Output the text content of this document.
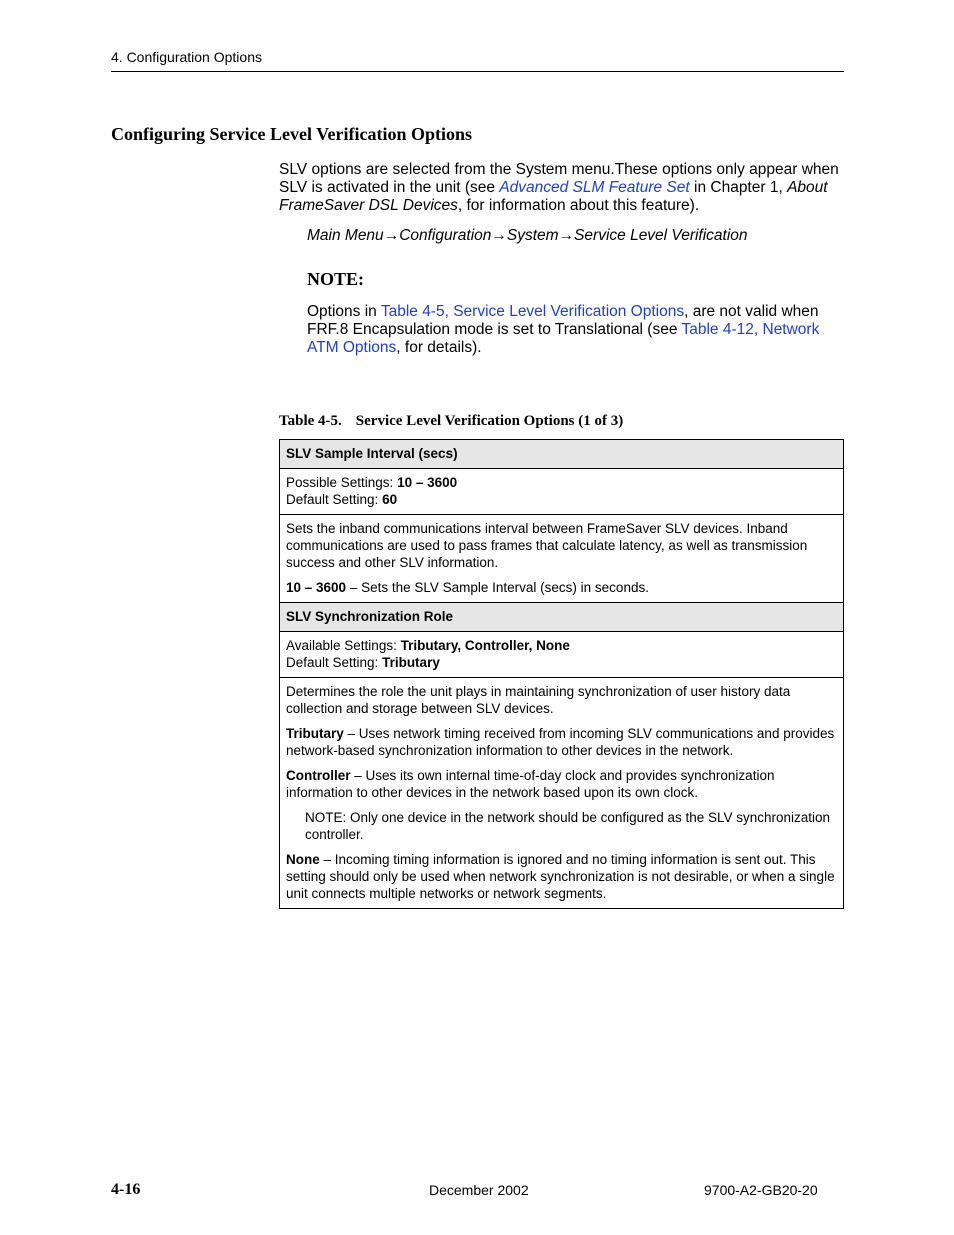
4. Configuration Options
Configuring Service Level Verification Options
SLV options are selected from the System menu.These options only appear when SLV is activated in the unit (see Advanced SLM Feature Set in Chapter 1, About FrameSaver DSL Devices, for information about this feature).
Main Menu→Configuration→System→Service Level Verification
NOTE:
Options in Table 4-5, Service Level Verification Options, are not valid when FRF.8 Encapsulation mode is set to Translational (see Table 4-12, Network ATM Options, for details).
Table 4-5. Service Level Verification Options (1 of 3)
SLV Sample Interval (secs)

Possible Settings: 10 – 3600
Default Setting: 60

Sets the inband communications interval between FrameSaver SLV devices. Inband communications are used to pass frames that calculate latency, as well as transmission success and other SLV information.

10 – 3600 – Sets the SLV Sample Interval (secs) in seconds.

SLV Synchronization Role

Available Settings: Tributary, Controller, None
Default Setting: Tributary

Determines the role the unit plays in maintaining synchronization of user history data collection and storage between SLV devices.

Tributary – Uses network timing received from incoming SLV communications and provides network-based synchronization information to other devices in the network.

Controller – Uses its own internal time-of-day clock and provides synchronization information to other devices in the network based upon its own clock.

NOTE: Only one device in the network should be configured as the SLV synchronization controller.

None – Incoming timing information is ignored and no timing information is sent out. This setting should only be used when network synchronization is not desirable, or when a single unit connects multiple networks or network segments.

4-16	December 2002	9700-A2-GB20-20
